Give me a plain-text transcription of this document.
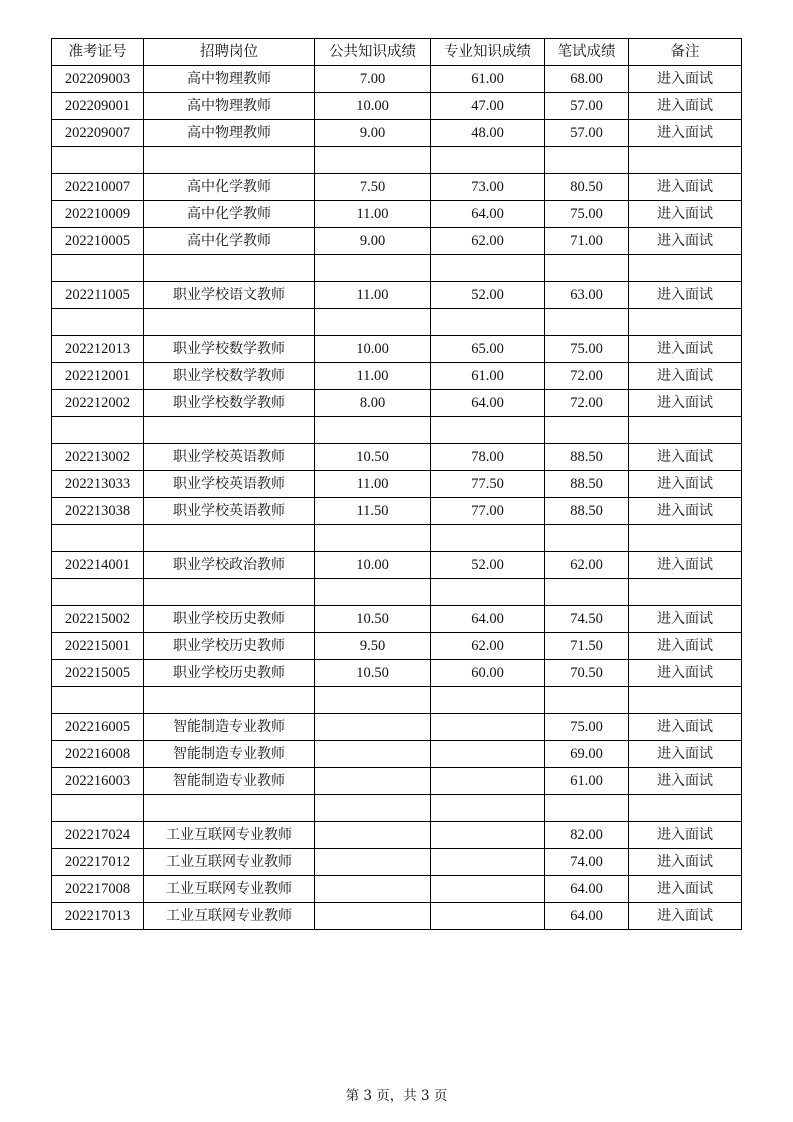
准考证号	招聘岗位	公共知识成绩	专业知识成绩	笔试成绩	备注
202209003	高中物理教师	7.00	61.00	68.00	进入面试
202209001	高中物理教师	10.00	47.00	57.00	进入面试
202209007	高中物理教师	9.00	48.00	57.00	进入面试

202210007	高中化学教师	7.50	73.00	80.50	进入面试
202210009	高中化学教师	11.00	64.00	75.00	进入面试
202210005	高中化学教师	9.00	62.00	71.00	进入面试

202211005	职业学校语文教师	11.00	52.00	63.00	进入面试

202212013	职业学校数学教师	10.00	65.00	75.00	进入面试
202212001	职业学校数学教师	11.00	61.00	72.00	进入面试
202212002	职业学校数学教师	8.00	64.00	72.00	进入面试

202213002	职业学校英语教师	10.50	78.00	88.50	进入面试
202213033	职业学校英语教师	11.00	77.50	88.50	进入面试
202213038	职业学校英语教师	11.50	77.00	88.50	进入面试

202214001	职业学校政治教师	10.00	52.00	62.00	进入面试

202215002	职业学校历史教师	10.50	64.00	74.50	进入面试
202215001	职业学校历史教师	9.50	62.00	71.50	进入面试
202215005	职业学校历史教师	10.50	60.00	70.50	进入面试

202216005	智能制造专业教师			75.00	进入面试
202216008	智能制造专业教师			69.00	进入面试
202216003	智能制造专业教师			61.00	进入面试

202217024	工业互联网专业教师			82.00	进入面试
202217012	工业互联网专业教师			74.00	进入面试
202217008	工业互联网专业教师			64.00	进入面试
202217013	工业互联网专业教师			64.00	进入面试
第 3 页，共 3 页
